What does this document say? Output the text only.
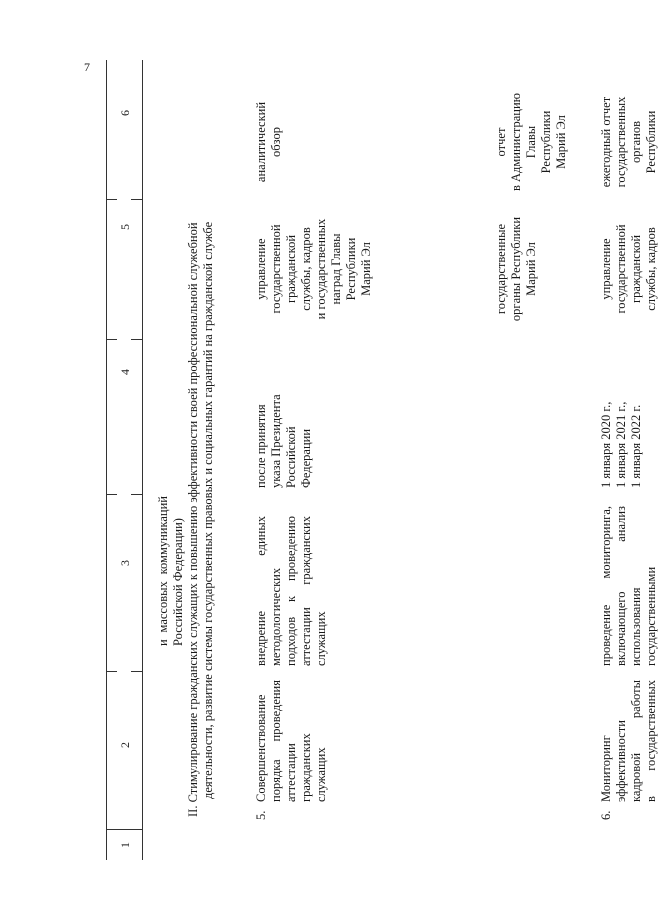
7
1
2
3
4
5
6
и массовых коммуникаций Российской Федерации) II. Стимулирование гражданских служащих к повышению эффективности своей профессиональной служебной деятельности, развитие системы государственных правовых и социальных гарантий на гражданской службе
5.
Совершенствование порядка проведения аттестации гражданских служащих
внедрение единых методологических подходов к проведению аттестации гражданских служащих
после принятия указа Президента Российской Федерации
управление государственной гражданской службы, кадров и государственных наград Главы Республики Марий Эл	государственные органы Республики Марий Эл
аналитический обзор	отчет в Администрацию Главы Республики Марий Эл
6.
Мониторинг эффективности кадровой работы в государственных
проведение мониторинга, включающего анализ использования государственными
1 января 2020 г., 1 января 2021 г., 1 января 2022 г.
управление государственной гражданской службы, кадров
ежегодный отчет государственных органов Республики
